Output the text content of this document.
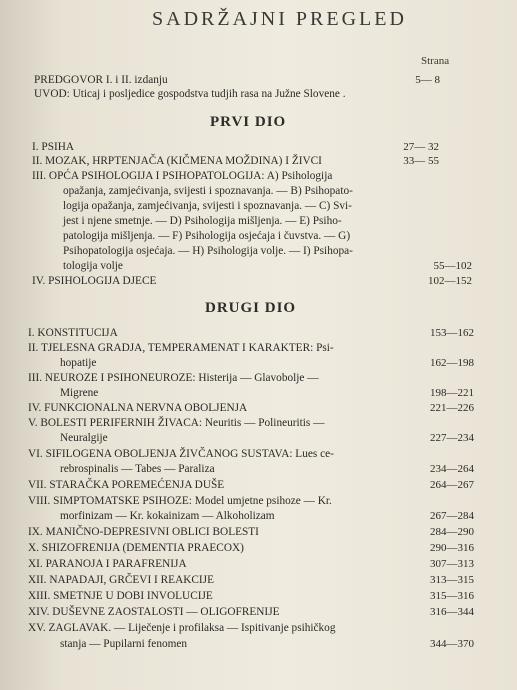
SADRŽAJNI PREGLED
Strana
PREDGOVOR I. i II. izdanju	5— 8
UVOD: Uticaj i posljedice gospodstva tudjih rasa na Južne Slovene .
PRVI DIO
I. PSIHA	27— 32
II. MOZAK, HRPTENJAČA (KIČMENA MOŽDINA) I ŽIVCI	33— 55
III. OPĆA PSIHOLOGIJA I PSIHOPATOLOGIJA: A) Psihologija
opažanja, zamjećivanja, svijesti i spoznavanja. — B) Psihopato-
logija opažanja, zamjećivanja, svijesti i spoznavanja. — C) Svi-
jest i njene smetnje. — D) Psihologija mišljenja. — E) Psiho-
patologija mišljenja. — F) Psihologija osjećaja i čuvstva. — G)
Psihopatologija osjećaja. — H) Psihologija volje. — I) Psihopa-
tologija volje	55—102
IV. PSIHOLOGIJA DJECE	102—152
DRUGI DIO
I. KONSTITUCIJA	153—162
II. TJELESNA GRADJA, TEMPERAMENAT I KARAKTER: Psi-
hopatije	162—198
III. NEUROZE I PSIHONEUROZE: Histerija — Glavobolje —
Migrene	198—221
IV. FUNKCIONALNA NERVNA OBOLJENJA	221—226
V. BOLESTI PERIFERNIH ŽIVACA: Neuritis — Polineuritis —
Neuralgije	227—234
VI. SIFILOGENA OBOLJENJA ŽIVČANOG SUSTAVA: Lues ce-
rebrospinalis — Tabes — Paraliza	234—264
VII. STARAČKA POREMEĆENJA DUŠE	264—267
VIII. SIMPTOMATSKE PSIHOZE: Model umjetne psihoze — Kr.
morfinizam — Kr. kokainizam — Alkoholizam	267—284
IX. MANIČNO-DEPRESIVNI OBLICI BOLESTI	284—290
X. SHIZOFRENIJA (DEMENTIA PRAECOX)	290—316
XI. PARANOJA I PARAFRENIJA	307—313
XII. NAPADAJI, GRČEVI I REAKCIJE	313—315
XIII. SMETNJE U DOBI INVOLUCIJE	315—316
XIV. DUŠEVNE ZAOSTALOSTI — OLIGOFRENIJE	316—344
XV. ZAGLAVAK. — Liječenje i profilaksa — Ispitivanje psihičkog
stanja — Pupilarni fenomen	344—370
